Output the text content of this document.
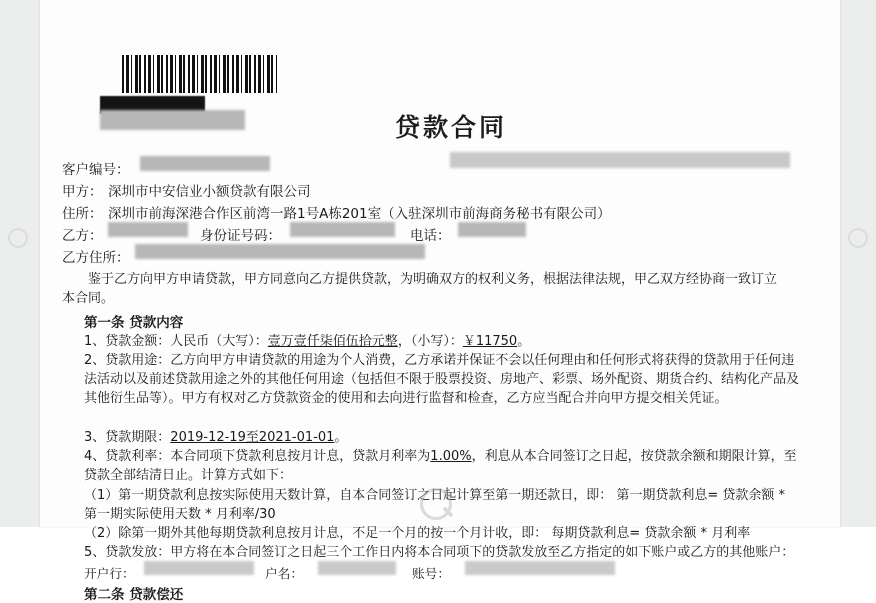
贷款合同
客户编号：
甲方： 深圳市中安信业小额贷款有限公司
住所： 深圳市前海深港合作区前湾一路1号A栋201室（入驻深圳市前海商务秘书有限公司）
乙方：	身份证号码：	电话：
乙方住所：
鉴于乙方向甲方申请贷款，甲方同意向乙方提供贷款，为明确双方的权利义务，根据法律法规，甲乙双方经协商一致订立本合同。
第一条 贷款内容
1、贷款金额：人民币（大写）：壹万壹仟柒佰伍拾元整，（小写）：￥11750。
2、贷款用途：乙方向甲方申请贷款的用途为个人消费，乙方承诺并保证不会以任何理由和任何形式将获得的贷款用于任何违法活动以及前述贷款用途之外的其他任何用途（包括但不限于股票投资、房地产、彩票、场外配资、期货合约、结构化产品及其他衍生品等）。甲方有权对乙方贷款资金的使用和去向进行监督和检查，乙方应当配合并向甲方提交相关凭证。
3、贷款期限：2019-12-19至2021-01-01。
4、贷款利率：本合同项下贷款利息按月计息，贷款月利率为1.00%，利息从本合同签订之日起，按贷款余额和期限计算，至贷款全部结清日止。计算方式如下：
（1）第一期贷款利息按实际使用天数计算，自本合同签订之日起计算至第一期还款日，即： 第一期贷款利息= 贷款余额 * 第一期实际使用天数 * 月利率/30
（2）除第一期外其他每期贷款利息按月计息，不足一个月的按一个月计收，即： 每期贷款利息= 贷款余额 * 月利率
5、贷款发放：甲方将在本合同签订之日起三个工作日内将本合同项下的贷款发放至乙方指定的如下账户或乙方的其他账户：
开户行：	户名：	账号：
第二条 贷款偿还
